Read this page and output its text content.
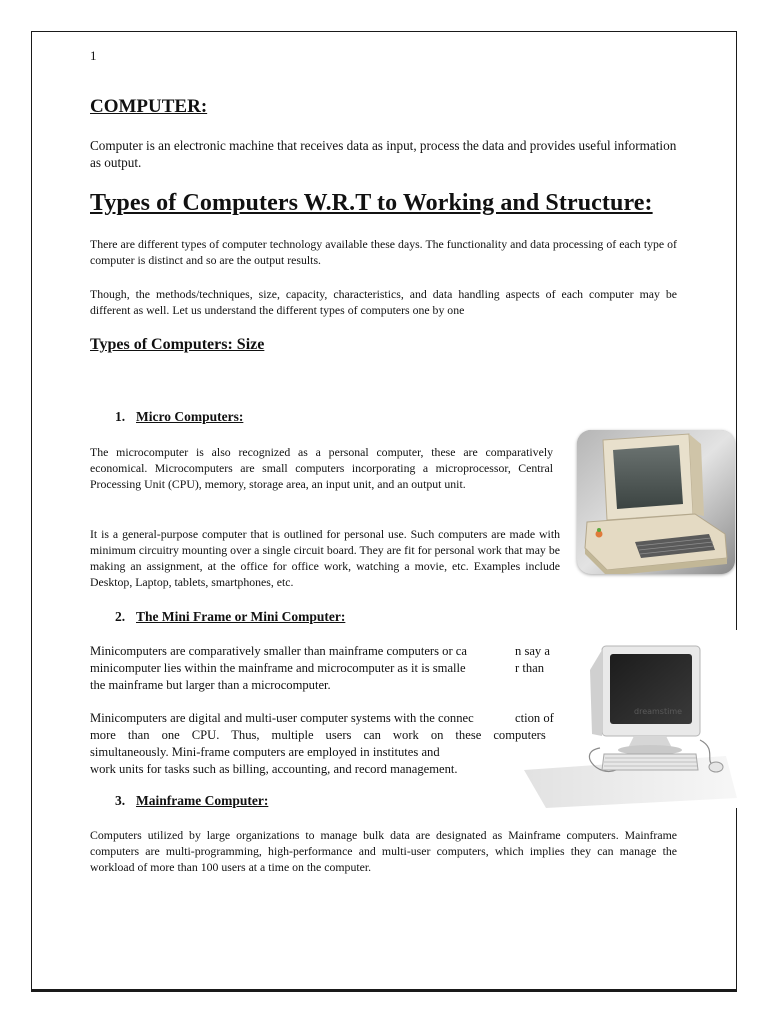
1
COMPUTER:
Computer is an electronic machine that receives data as input, process the data and provides useful information as output.
Types of Computers W.R.T to Working and Structure:
There are different types of computer technology available these days. The functionality and data processing of each type of computer is distinct and so are the output results.
Though, the methods/techniques, size, capacity, characteristics, and data handling aspects of each computer may be different as well. Let us understand the different types of computers one by one
Types of Computers: Size
1. Micro Computers:
The microcomputer is also recognized as a personal computer, these are comparatively economical. Microcomputers are small computers incorporating a microprocessor, Central Processing Unit (CPU), memory, storage area, an input unit, and an output unit.
It is a general-purpose computer that is outlined for personal use. Such computers are made with minimum circuitry mounting over a single circuit board. They are fit for personal work that may be making an assignment, at the office for office work, watching a movie, etc. Examples include Desktop, Laptop, tablets, smartphones, etc.
2. The Mini Frame or Mini Computer:
dreamstime
Minicomputers are comparatively smaller than mainframe computers or ca
minicomputer lies within the mainframe and microcomputer as it is smalle
the mainframe but larger than a microcomputer.
n say a
r than
Minicomputers are digital and multi-user computer systems with the connec
more than one CPU. Thus, multiple users can work on these com
simultaneously. Mini-frame computers are employed in institutes and
work units for tasks such as billing, accounting, and record management.
ction of
puters
3. Mainframe Computer:
Computers utilized by large organizations to manage bulk data are designated as Mainframe computers. Mainframe computers are multi-programming, high-performance and multi-user computers, which implies they can manage the workload of more than 100 users at a time on the computer.
